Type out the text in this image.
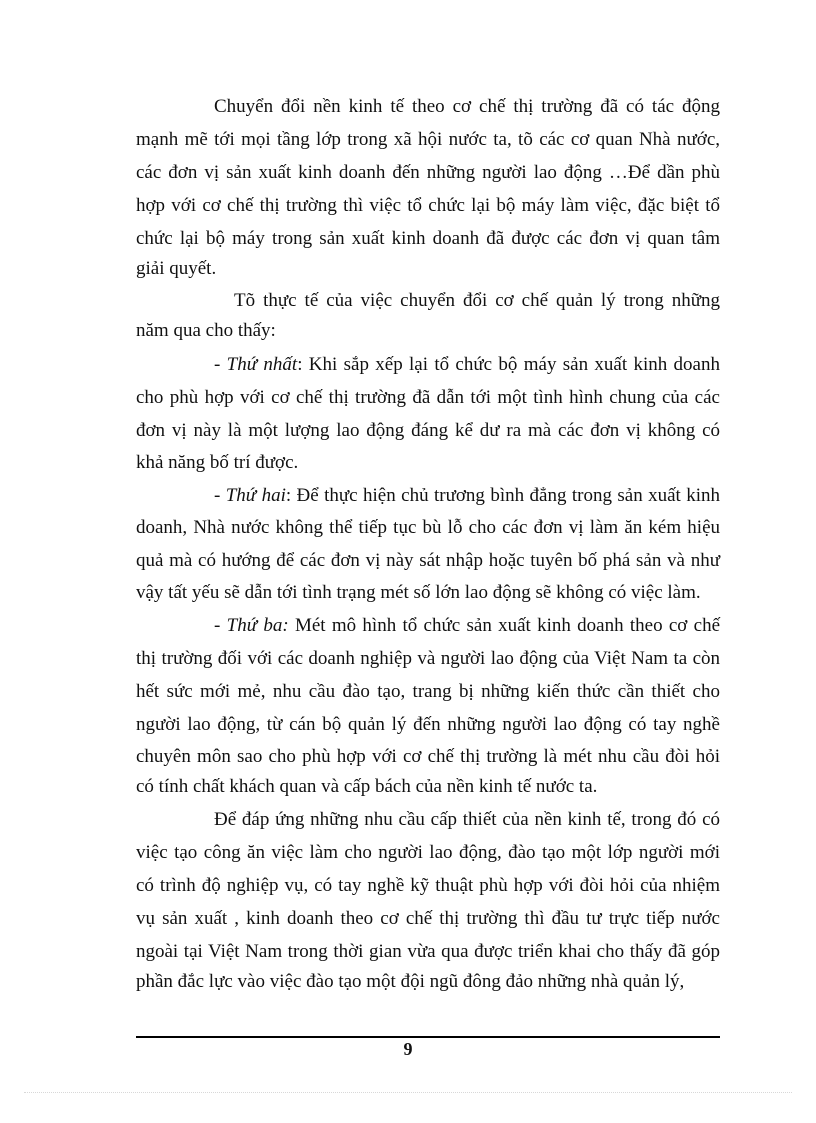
Chuyển đổi nền kinh tế theo cơ chế thị trường đã có tác động
mạnh mẽ tới mọi tầng lớp trong xã hội nước ta, tõ các cơ quan Nhà nước,
các đơn vị sản xuất kinh doanh đến những người lao động …Để dần phù
hợp với cơ chế thị trường thì việc tổ chức lại bộ máy làm việc, đặc biệt tổ
chức lại bộ máy trong sản xuất kinh doanh đã được các đơn vị quan tâm
giải quyết.
Tõ thực tế của việc chuyển đổi cơ chế quản lý trong những
năm qua cho thấy:
- Thứ nhất: Khi sắp xếp lại tổ chức bộ máy sản xuất kinh doanh
cho phù hợp với cơ chế thị trường đã dẫn tới một tình hình chung của các
đơn vị này là một lượng lao động đáng kể dư ra mà các đơn vị không có
khả năng bố trí được.
- Thứ hai: Để thực hiện chủ trương bình đẳng trong sản xuất kinh
doanh, Nhà nước không thể tiếp tục bù lỗ cho các đơn vị làm ăn kém hiệu
quả mà có hướng để các đơn vị này sát nhập hoặc tuyên bố phá sản và như
vậy tất yếu sẽ dẫn tới tình trạng mét số lớn lao động sẽ không có việc làm.
- Thứ ba: Mét mô hình tổ chức sản xuất kinh doanh theo cơ chế
thị trường đối với các doanh nghiệp và người lao động của Việt Nam ta còn
hết sức mới mẻ, nhu cầu đào tạo, trang bị những kiến thức cần thiết cho
người lao động, từ cán bộ quản lý đến những người lao động có tay nghề
chuyên môn sao cho phù hợp với cơ chế thị trường là mét nhu cầu đòi hỏi
có tính chất khách quan và cấp bách của nền kinh tế nước ta.
Để đáp ứng những nhu cầu cấp thiết của nền kinh tế, trong đó có
việc tạo công ăn việc làm cho người lao động, đào tạo một lớp người mới
có trình độ nghiệp vụ, có tay nghề kỹ thuật phù hợp với đòi hỏi của nhiệm
vụ sản xuất , kinh doanh theo cơ chế thị trường thì đầu tư trực tiếp nước
ngoài tại Việt Nam trong thời gian vừa qua được triển khai cho thấy đã góp
phần đắc lực vào việc đào tạo một đội ngũ đông đảo những nhà quản lý,
9
